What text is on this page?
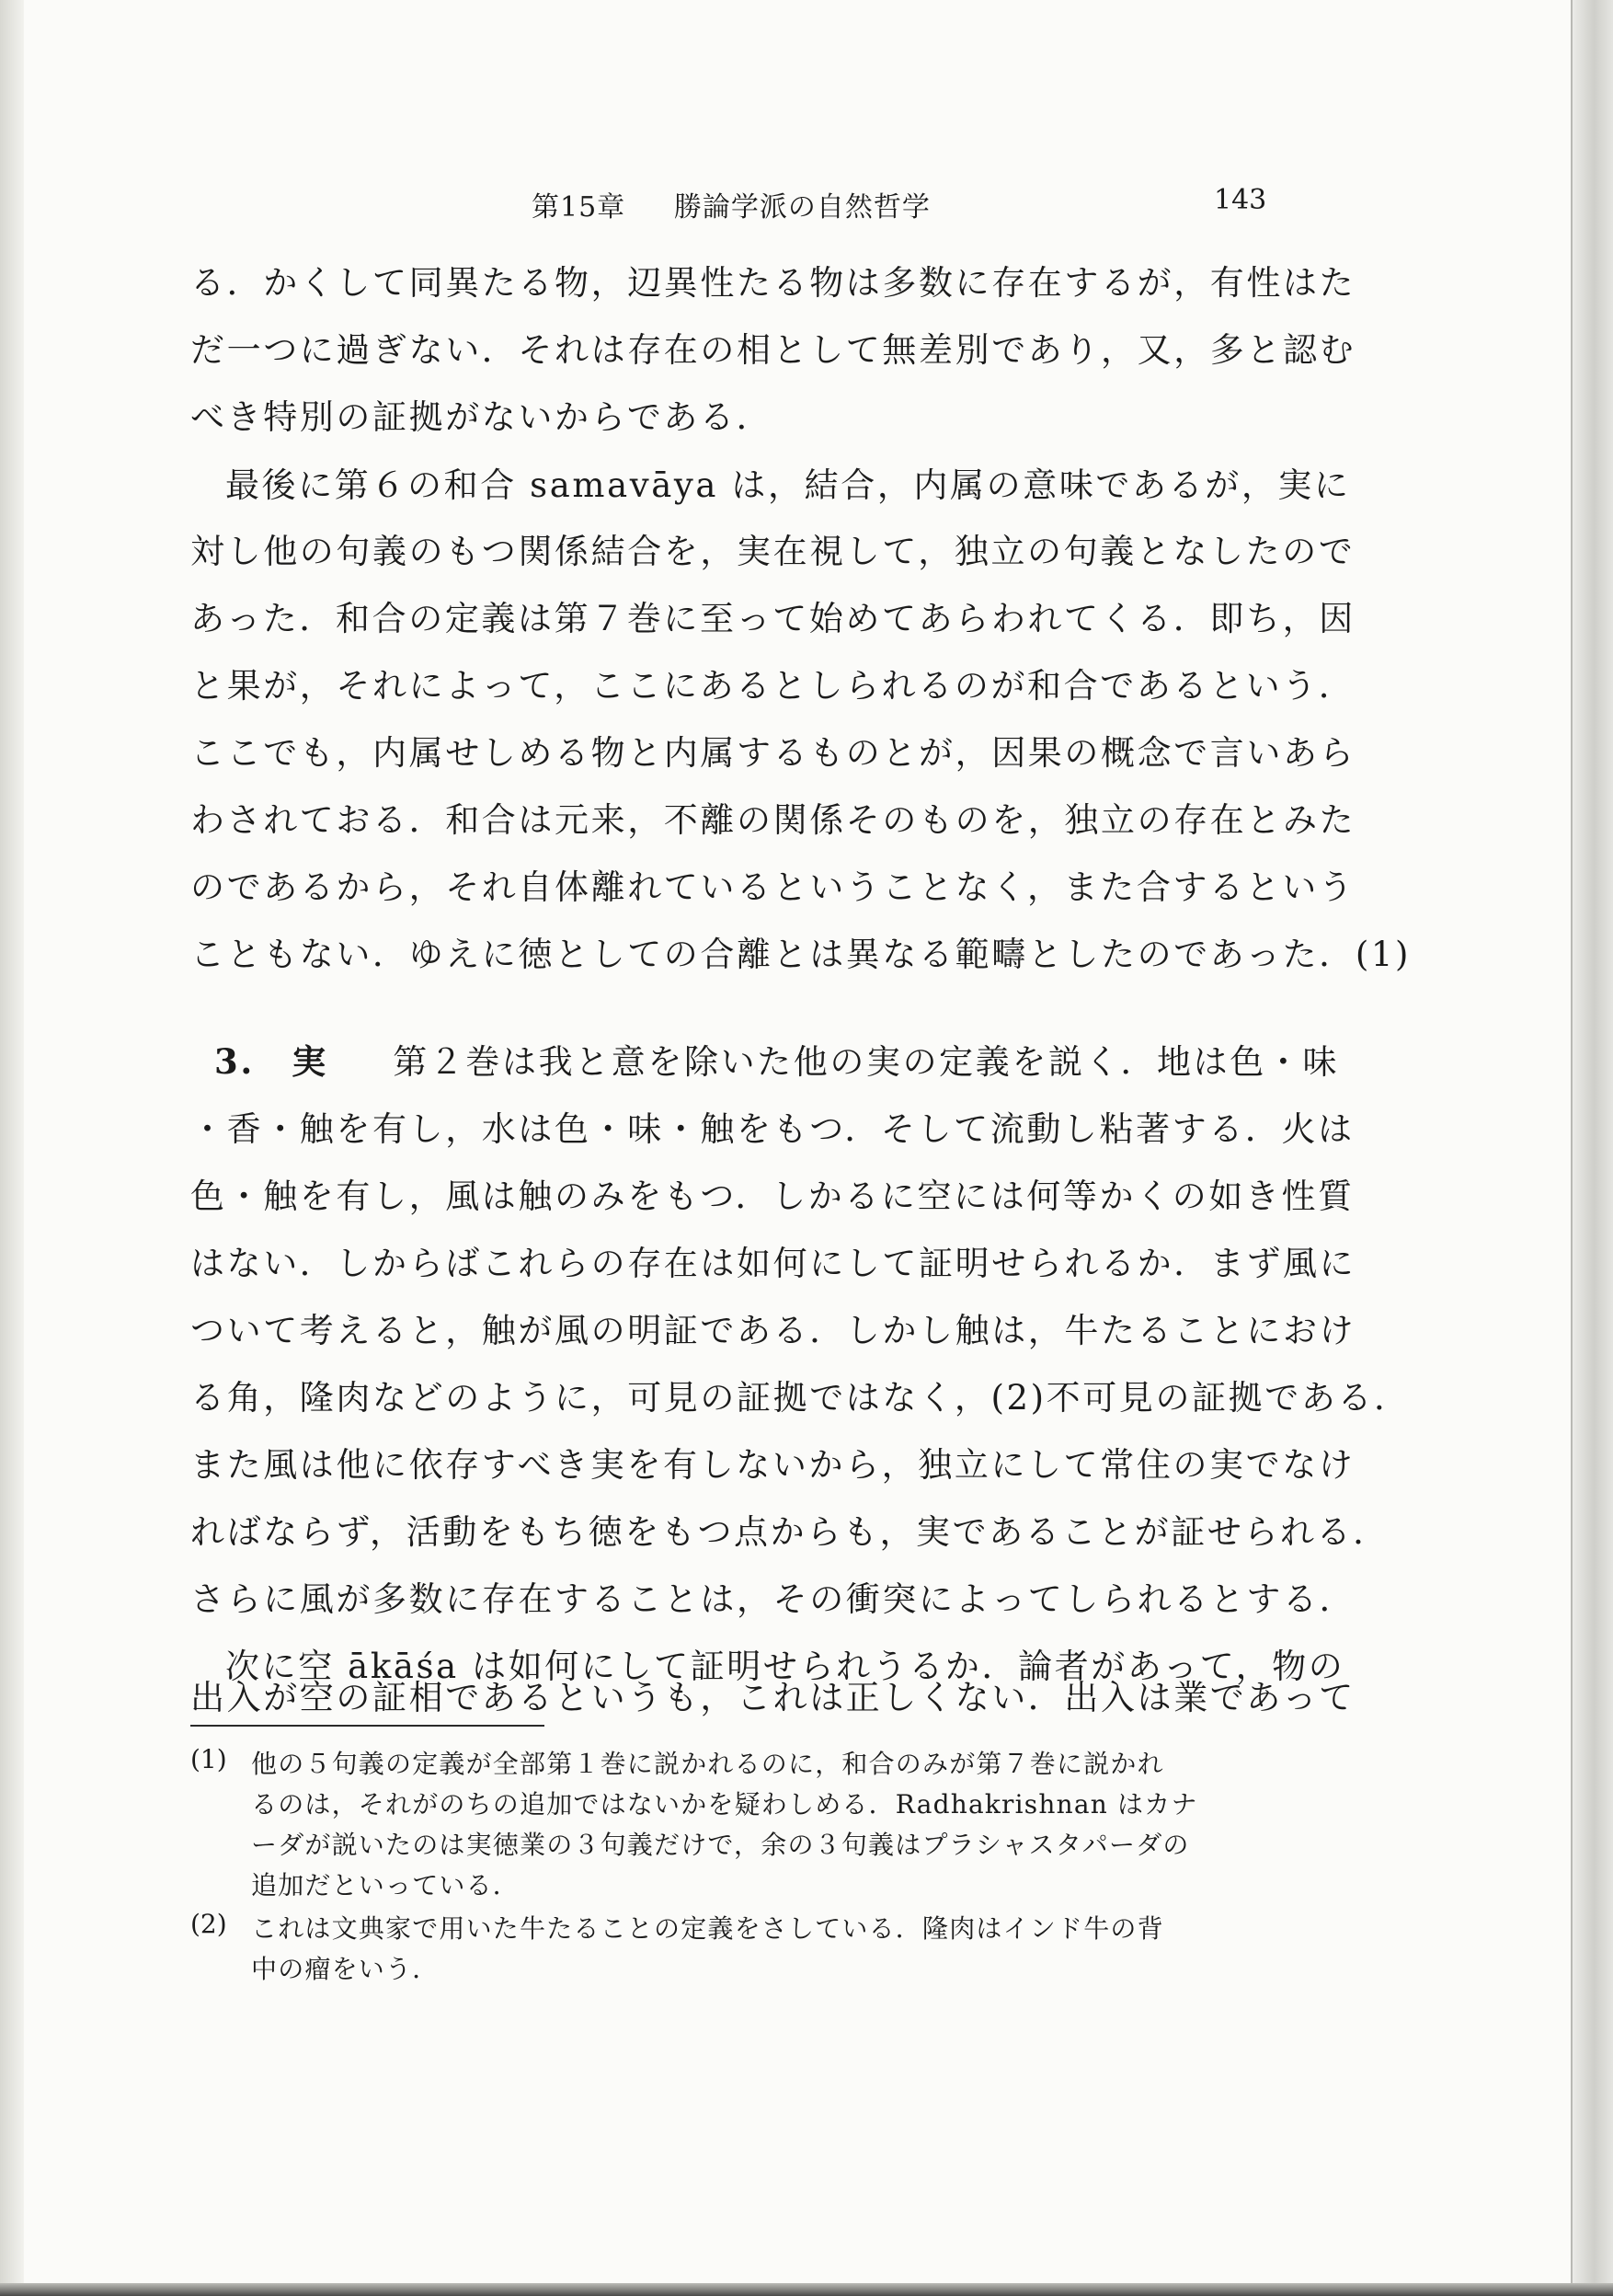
第15章 勝論学派の自然哲学	143
る．かくして同異たる物，辺異性たる物は多数に存在するが，有性はた
だ一つに過ぎない．それは存在の相として無差別であり，又，多と認む
べき特別の証拠がないからである．
最後に第６の和合 samavāya は，結合，内属の意味であるが，実に
対し他の句義のもつ関係結合を，実在視して，独立の句義となしたので
あった．和合の定義は第７巻に至って始めてあらわれてくる．即ち，因
と果が，それによって，ここにあるとしられるのが和合であるという．
ここでも，内属せしめる物と内属するものとが，因果の概念で言いあら
わされておる．和合は元来，不離の関係そのものを，独立の存在とみた
のであるから，それ自体離れているということなく，また合するという
こともない．ゆえに徳としての合離とは異なる範疇としたのであった．(1)
3. 実 第２巻は我と意を除いた他の実の定義を説く．地は色・味
・香・触を有し，水は色・味・触をもつ．そして流動し粘著する．火は
色・触を有し，風は触のみをもつ．しかるに空には何等かくの如き性質
はない．しからばこれらの存在は如何にして証明せられるか．まず風に
ついて考えると，触が風の明証である．しかし触は，牛たることにおけ
る角，隆肉などのように，可見の証拠ではなく，(2)不可見の証拠である．
また風は他に依存すべき実を有しないから，独立にして常住の実でなけ
ればならず，活動をもち徳をもつ点からも，実であることが証せられる．
さらに風が多数に存在することは，その衝突によってしられるとする．
次に空 ākāśa は如何にして証明せられうるか．論者があって，物の
出入が空の証相であるというも，これは正しくない．出入は業であって
(1) 他の５句義の定義が全部第１巻に説かれるのに，和合のみが第７巻に説かれ
るのは，それがのちの追加ではないかを疑わしめる．Radhakrishnan はカナ
ーダが説いたのは実徳業の３句義だけで，余の３句義はプラシャスタパーダの
追加だといっている．
(2) これは文典家で用いた牛たることの定義をさしている．隆肉はインド牛の背
中の瘤をいう．
